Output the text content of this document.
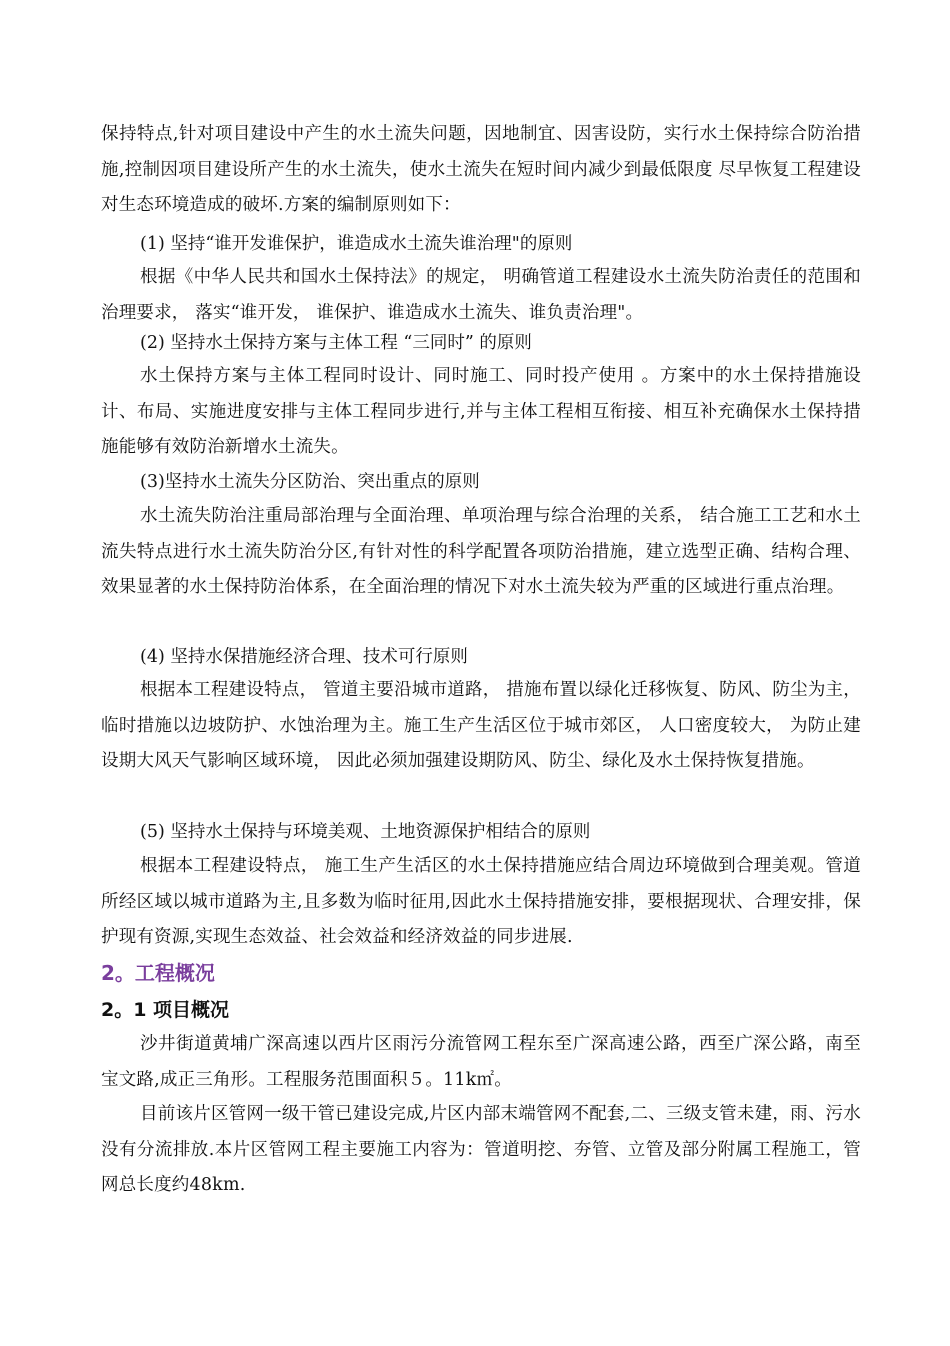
保持特点,针对项目建设中产生的水土流失问题，因地制宜、因害设防，实行水土保持综合防治措施,控制因项目建设所产生的水土流失，使水土流失在短时间内减少到最低限度 尽早恢复工程建设对生态环境造成的破坏.方案的编制原则如下：

(1) 坚持“谁开发谁保护，谁造成水土流失谁治理"的原则

根据《中华人民共和国水土保持法》的规定， 明确管道工程建设水土流失防治责任的范围和治理要求， 落实“谁开发， 谁保护、谁造成水土流失、谁负责治理"。

(2) 坚持水土保持方案与主体工程 “三同时” 的原则

水土保持方案与主体工程同时设计、同时施工、同时投产使用 。方案中的水土保持措施设计、布局、实施进度安排与主体工程同步进行,并与主体工程相互衔接、相互补充确保水土保持措施能够有效防治新增水土流失。

(3)坚持水土流失分区防治、突出重点的原则

水土流失防治注重局部治理与全面治理、单项治理与综合治理的关系， 结合施工工艺和水土流失特点进行水土流失防治分区,有针对性的科学配置各项防治措施，建立选型正确、结构合理、效果显著的水土保持防治体系，在全面治理的情况下对水土流失较为严重的区域进行重点治理。

(4) 坚持水保措施经济合理、技术可行原则

根据本工程建设特点， 管道主要沿城市道路， 措施布置以绿化迁移恢复、防风、防尘为主，临时措施以边坡防护、水蚀治理为主。施工生产生活区位于城市郊区， 人口密度较大， 为防止建设期大风天气影响区域环境， 因此必须加强建设期防风、防尘、绿化及水土保持恢复措施。

(5) 坚持水土保持与环境美观、土地资源保护相结合的原则

根据本工程建设特点， 施工生产生活区的水土保持措施应结合周边环境做到合理美观。管道所经区域以城市道路为主,且多数为临时征用,因此水土保持措施安排，要根据现状、合理安排，保护现有资源,实现生态效益、社会效益和经济效益的同步进展.

2。工程概况
2。1 项目概况

沙井街道黄埔广深高速以西片区雨污分流管网工程东至广深高速公路，西至广深公路，南至宝文路,成正三角形。工程服务范围面积５。11k㎡。

目前该片区管网一级干管已建设完成,片区内部末端管网不配套,二、三级支管未建，雨、污水没有分流排放.本片区管网工程主要施工内容为：管道明挖、夯管、立管及部分附属工程施工，管网总长度约48km.
